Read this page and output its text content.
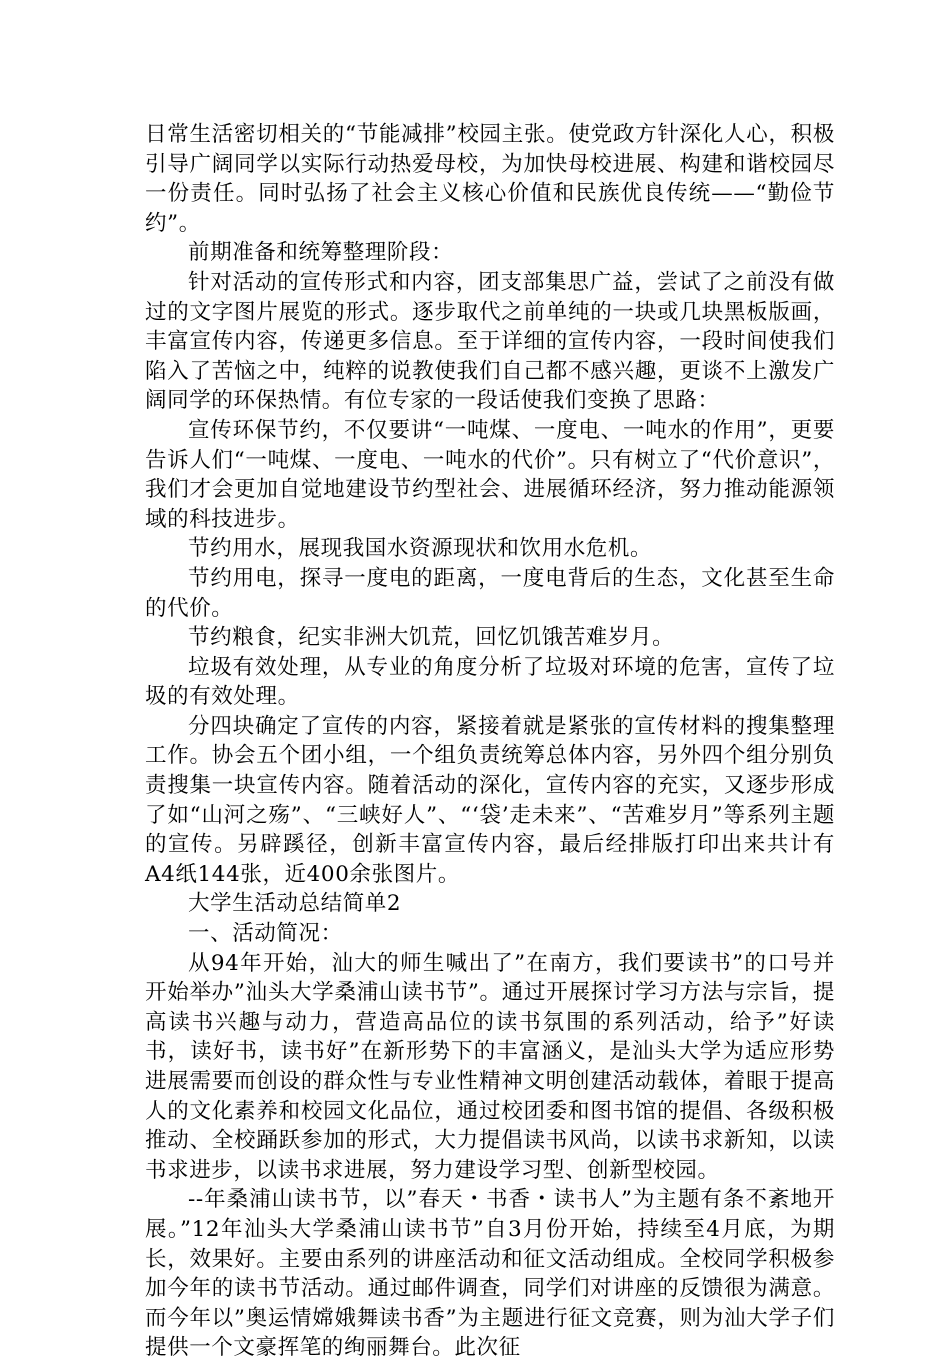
日常生活密切相关的“节能减排”校园主张。使党政方针深化人心，积极引导广阔同学以实际行动热爱母校，为加快母校进展、构建和谐校园尽一份责任。同时弘扬了社会主义核心价值和民族优良传统——“勤俭节约”。

前期准备和统筹整理阶段：

针对活动的宣传形式和内容，团支部集思广益，尝试了之前没有做过的文字图片展览的形式。逐步取代之前单纯的一块或几块黑板版画，丰富宣传内容，传递更多信息。至于详细的宣传内容，一段时间使我们陷入了苦恼之中，纯粹的说教使我们自己都不感兴趣，更谈不上激发广阔同学的环保热情。有位专家的一段话使我们变换了思路：

宣传环保节约，不仅要讲“一吨煤、一度电、一吨水的作用”，更要告诉人们“一吨煤、一度电、一吨水的代价”。只有树立了“代价意识”，我们才会更加自觉地建设节约型社会、进展循环经济，努力推动能源领域的科技进步。

节约用水，展现我国水资源现状和饮用水危机。

节约用电，探寻一度电的距离，一度电背后的生态，文化甚至生命的代价。

节约粮食，纪实非洲大饥荒，回忆饥饿苦难岁月。

垃圾有效处理，从专业的角度分析了垃圾对环境的危害，宣传了垃圾的有效处理。

分四块确定了宣传的内容，紧接着就是紧张的宣传材料的搜集整理工作。协会五个团小组，一个组负责统筹总体内容，另外四个组分别负责搜集一块宣传内容。随着活动的深化，宣传内容的充实，又逐步形成了如“山河之殇”、“三峡好人”、“‘袋’走未来”、“苦难岁月”等系列主题的宣传。另辟蹊径，创新丰富宣传内容，最后经排版打印出来共计有A4纸144张，近400余张图片。

大学生活动总结简单2

一、活动简况：

从94年开始，汕大的师生喊出了”在南方，我们要读书”的口号并开始举办”汕头大学桑浦山读书节”。通过开展探讨学习方法与宗旨，提高读书兴趣与动力，营造高品位的读书氛围的系列活动，给予”好读书，读好书，读书好”在新形势下的丰富涵义，是汕头大学为适应形势进展需要而创设的群众性与专业性精神文明创建活动载体，着眼于提高人的文化素养和校园文化品位，通过校团委和图书馆的提倡、各级积极推动、全校踊跃参加的形式，大力提倡读书风尚，以读书求新知，以读书求进步，以读书求进展，努力建设学习型、创新型校园。

--年桑浦山读书节，以”春天・书香・读书人”为主题有条不紊地开展。”12年汕头大学桑浦山读书节”自3月份开始，持续至4月底，为期长，效果好。主要由系列的讲座活动和征文活动组成。全校同学积极参加今年的读书节活动。通过邮件调查，同学们对讲座的反馈很为满意。而今年以”奥运情嫦娥舞读书香”为主题进行征文竞赛，则为汕大学子们提供一个文豪挥笔的绚丽舞台。此次征
